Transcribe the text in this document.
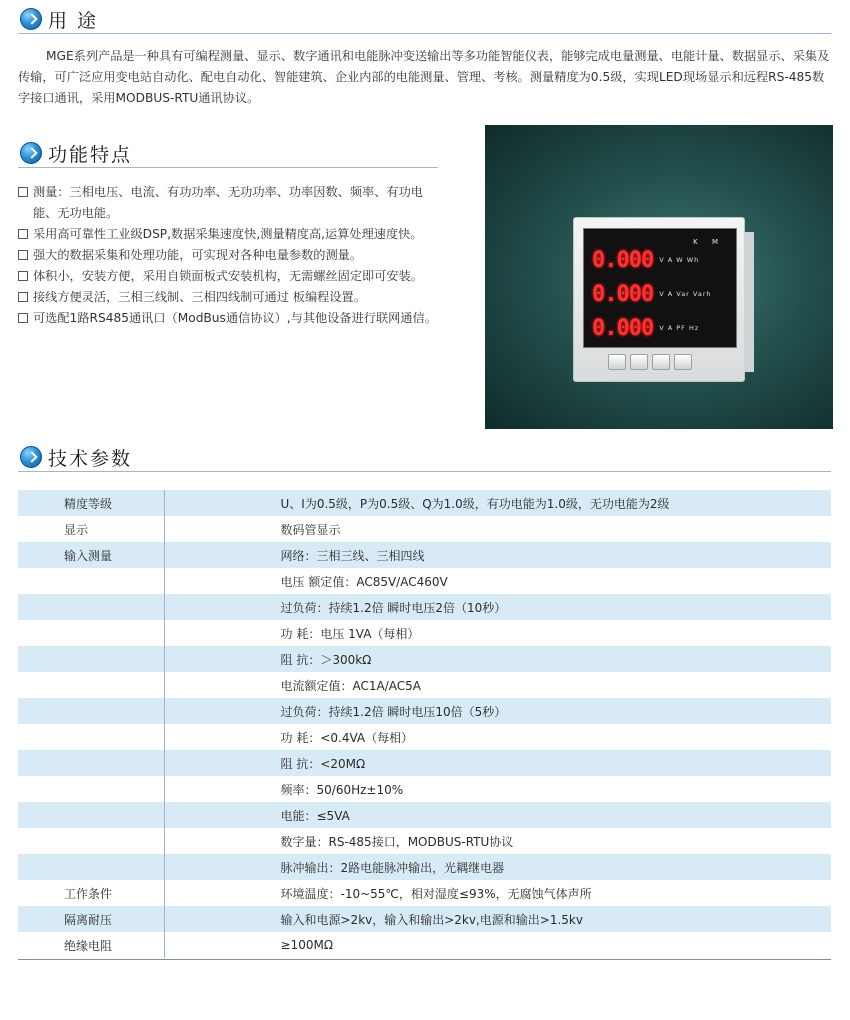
用 途

MGE系列产品是一种具有可编程测量、显示、数字通讯和电能脉冲变送输出等多功能智能仪表，能够完成电量测量、电能计量、数据显示、采集及传输，可广泛应用变电站自动化、配电自动化、智能建筑、企业内部的电能测量、管理、考核。测量精度为0.5级，实现LED现场显示和远程RS-485数字接口通讯，采用MODBUS-RTU通讯协议。

功能特点
测量：三相电压、电流、有功功率、无功功率、功率因数、频率、有功电能、无功电能。
采用高可靠性工业级DSP,数据采集速度快,测量精度高,运算处理速度快。
强大的数据采集和处理功能，可实现对各种电量参数的测量。
体积小，安装方便，采用自锁面板式安装机构，无需螺丝固定即可安装。
接线方便灵活，三相三线制、三相四线制可通过 板编程设置。
可选配1路RS485通讯口（ModBus通信协议）,与其他设备进行联网通信。
K M
0.000 V A W Wh
0.000 V A Var Varh
0.000 V A PF Hz
技术参数
精度等级	U、I为0.5级，P为0.5级、Q为1.0级，有功电能为1.0级，无功电能为2级
显示	数码管显示
输入测量	网络：三相三线、三相四线
	电压 额定值：AC85V/AC460V
	过负荷：持续1.2倍 瞬时电压2倍（10秒）
	功 耗：电压 1VA（每相）
	阻 抗：＞300kΩ
	电流额定值：AC1A/AC5A
	过负荷：持续1.2倍 瞬时电压10倍（5秒）
	功 耗：<0.4VA（每相）
	阻 抗：<20MΩ
	频率：50/60Hz±10%
	电能：≤5VA
	数字量：RS-485接口，MODBUS-RTU协议
	脉冲输出：2路电能脉冲输出，光耦继电器
工作条件	环境温度：-10~55℃，相对湿度≤93%，无腐蚀气体声所
隔离耐压	输入和电源>2kv，输入和输出>2kv,电源和输出>1.5kv
绝缘电阻	≥100MΩ
